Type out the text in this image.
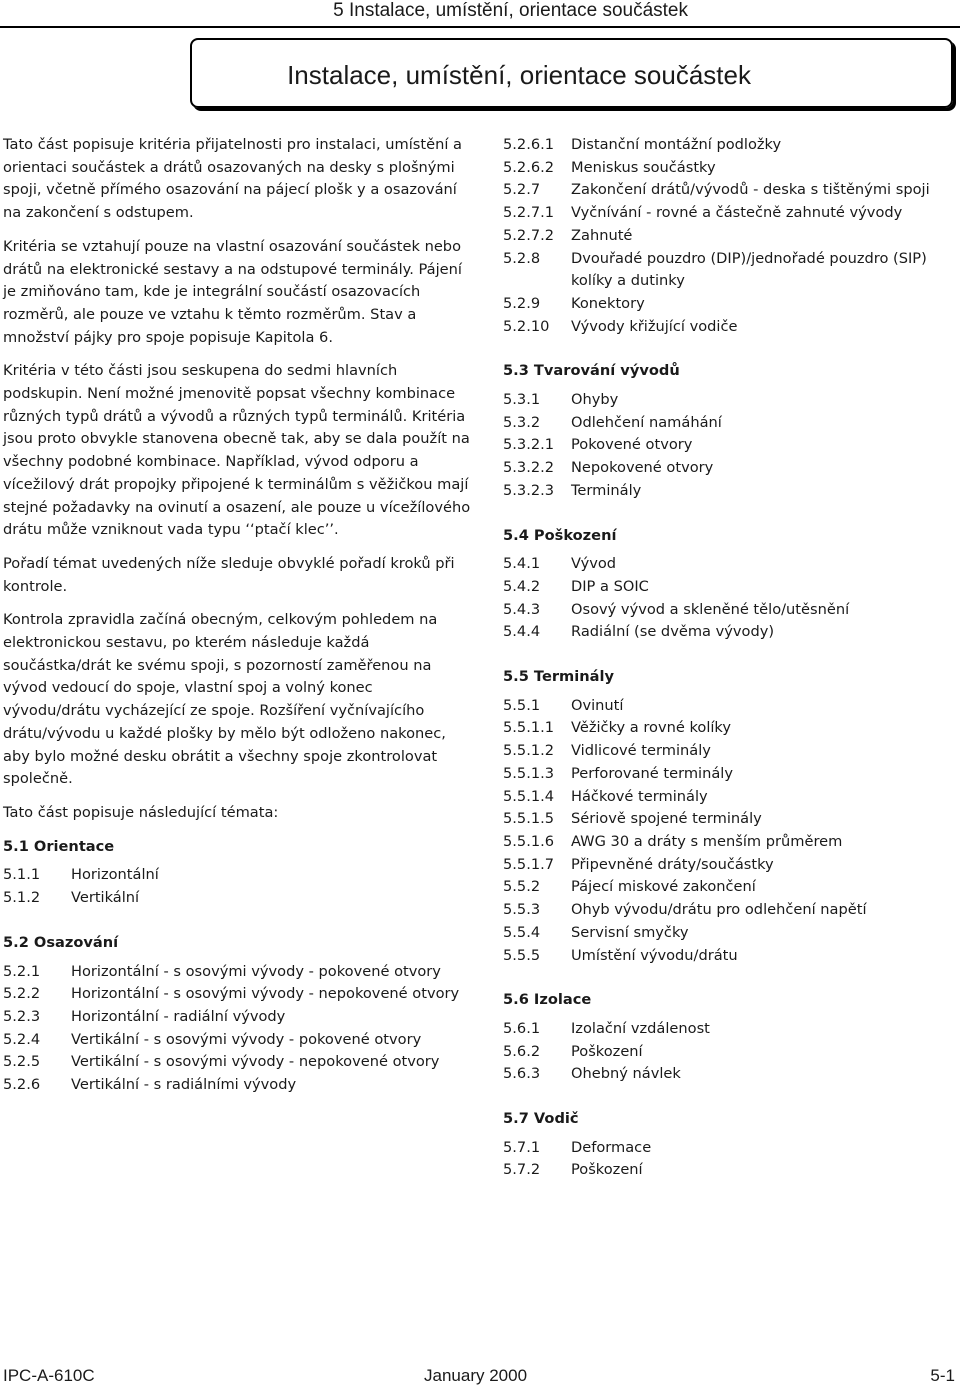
5 Instalace, umístění, orientace součástek
Instalace, umístění, orientace součástek

Tato část popisuje kritéria přijatelnosti pro instalaci, umístění a orientaci součástek a drátů osazovaných na desky s plošnými spoji, včetně přímého osazování na pájecí plošk y a osazování na zakončení s odstupem.

Kritéria se vztahují pouze na vlastní osazování součástek nebo drátů na elektronické sestavy a na odstupové terminály. Pájení je zmiňováno tam, kde je integrální součástí osazovacích rozměrů, ale pouze ve vztahu k těmto rozměrům. Stav a množství pájky pro spoje popisuje Kapitola 6.

Kritéria v této části jsou seskupena do sedmi hlavních podskupin. Není možné jmenovitě popsat všechny kombinace různých typů drátů a vývodů a různých typů terminálů. Kritéria jsou proto obvykle stanovena obecně tak, aby se dala použít na všechny podobné kombinace. Například, vývod odporu a vícežilový drát propojky připojené k terminálům s věžičkou mají stejné požadavky na ovinutí a osazení, ale pouze u vícežílového drátu může vzniknout vada typu ‘‘ptačí klec’’.

Pořadí témat uvedených níže sleduje obvyklé pořadí kroků při kontrole.

Kontrola zpravidla začíná obecným, celkovým pohledem na elektronickou sestavu, po kterém následuje každá součástka/drát ke svému spoji, s pozorností zaměřenou na vývod vedoucí do spoje, vlastní spoj a volný konec vývodu/drátu vycházející ze spoje. Rozšíření vyčnívajícího drátu/vývodu u každé plošky by mělo být odloženo nakonec, aby bylo možné desku obrátit a všechny spoje zkontrolovat společně.

Tato část popisuje následující témata:

5.1 Orientace
5.1.1	Horizontální
5.1.2	Vertikální
5.2 Osazování
5.2.1	Horizontální - s osovými vývody - pokovené otvory
5.2.2	Horizontální - s osovými vývody - nepokovené otvory
5.2.3	Horizontální - radiální vývody
5.2.4	Vertikální - s osovými vývody - pokovené otvory
5.2.5	Vertikální - s osovými vývody - nepokovené otvory
5.2.6	Vertikální - s radiálními vývody
5.2.6.1	Distanční montážní podložky
5.2.6.2	Meniskus součástky
5.2.7	Zakončení drátů/vývodů - deska s tištěnými spoji
5.2.7.1	Vyčnívání - rovné a částečně zahnuté vývody
5.2.7.2	Zahnuté
5.2.8	Dvouřadé pouzdro (DIP)/jednořadé pouzdro (SIP) kolíky a dutinky
5.2.9	Konektory
5.2.10	Vývody křižující vodiče
5.3 Tvarování vývodů
5.3.1	Ohyby
5.3.2	Odlehčení namáhání
5.3.2.1	Pokovené otvory
5.3.2.2	Nepokovené otvory
5.3.2.3	Terminály
5.4 Poškození
5.4.1	Vývod
5.4.2	DIP a SOIC
5.4.3	Osový vývod a skleněné tělo/utěsnění
5.4.4	Radiální (se dvěma vývody)
5.5 Terminály
5.5.1	Ovinutí
5.5.1.1	Věžičky a rovné kolíky
5.5.1.2	Vidlicové terminály
5.5.1.3	Perforované terminály
5.5.1.4	Háčkové terminály
5.5.1.5	Sériově spojené terminály
5.5.1.6	AWG 30 a dráty s menším průměrem
5.5.1.7	Připevněné dráty/součástky
5.5.2	Pájecí miskové zakončení
5.5.3	Ohyb vývodu/drátu pro odlehčení napětí
5.5.4	Servisní smyčky
5.5.5	Umístění vývodu/drátu
5.6 Izolace
5.6.1	Izolační vzdálenost
5.6.2	Poškození
5.6.3	Ohebný návlek
5.7 Vodič
5.7.1	Deformace
5.7.2	Poškození
IPC-A-610C	January 2000	5-1
